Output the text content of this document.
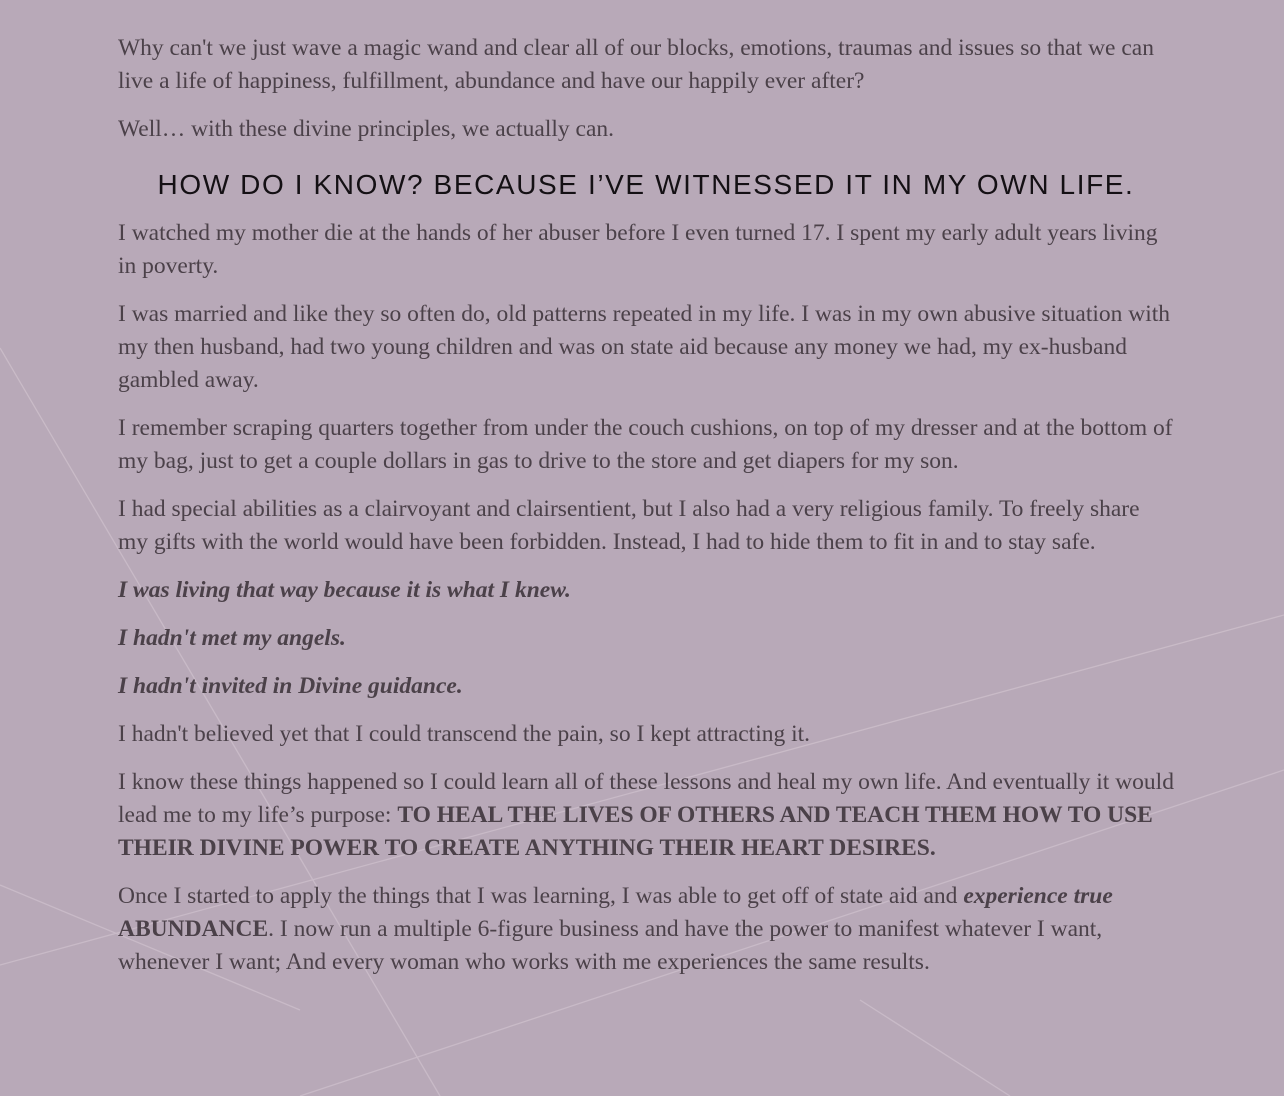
Why can't we just wave a magic wand and clear all of our blocks, emotions, traumas and issues so that we can live a life of happiness, fulfillment, abundance and have our happily ever after?

Well… with these divine principles, we actually can.

HOW DO I KNOW? BECAUSE I’VE WITNESSED IT IN MY OWN LIFE.

I watched my mother die at the hands of her abuser before I even turned 17. I spent my early adult years living in poverty.

I was married and like they so often do, old patterns repeated in my life. I was in my own abusive situation with my then husband, had two young children and was on state aid because any money we had, my ex-husband gambled away.

I remember scraping quarters together from under the couch cushions, on top of my dresser and at the bottom of my bag, just to get a couple dollars in gas to drive to the store and get diapers for my son.

I had special abilities as a clairvoyant and clairsentient, but I also had a very religious family. To freely share my gifts with the world would have been forbidden. Instead, I had to hide them to fit in and to stay safe.

I was living that way because it is what I knew.

I hadn't met my angels.

I hadn't invited in Divine guidance.

I hadn't believed yet that I could transcend the pain, so I kept attracting it.

I know these things happened so I could learn all of these lessons and heal my own life. And eventually it would lead me to my life’s purpose: TO HEAL THE LIVES OF OTHERS AND TEACH THEM HOW TO USE THEIR DIVINE POWER TO CREATE ANYTHING THEIR HEART DESIRES.

Once I started to apply the things that I was learning, I was able to get off of state aid and experience true ABUNDANCE. I now run a multiple 6-figure business and have the power to manifest whatever I want, whenever I want; And every woman who works with me experiences the same results.
